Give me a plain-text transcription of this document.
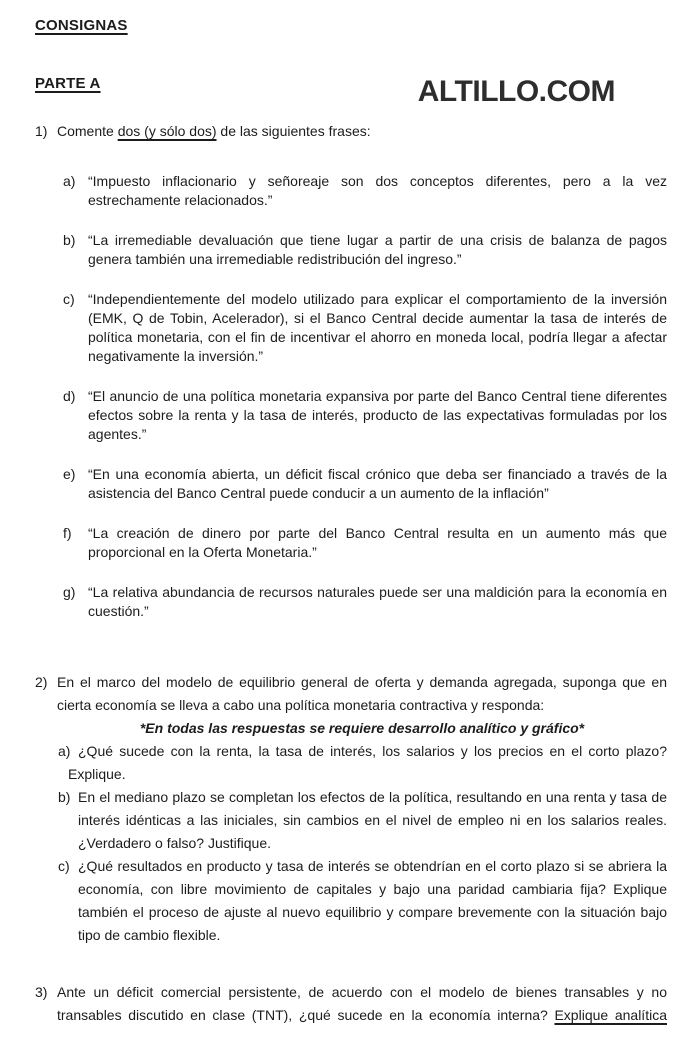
CONSIGNAS
PARTE A	ALTILLO.COM
1) Comente dos (y sólo dos) de las siguientes frases:
a) “Impuesto inflacionario y señoreaje son dos conceptos diferentes, pero a la vez estrechamente relacionados.”
b) “La irremediable devaluación que tiene lugar a partir de una crisis de balanza de pagos genera también una irremediable redistribución del ingreso.”
c) “Independientemente del modelo utilizado para explicar el comportamiento de la inversión (EMK, Q de Tobin, Acelerador), si el Banco Central decide aumentar la tasa de interés de política monetaria, con el fin de incentivar el ahorro en moneda local, podría llegar a afectar negativamente la inversión.”
d) “El anuncio de una política monetaria expansiva por parte del Banco Central tiene diferentes efectos sobre la renta y la tasa de interés, producto de las expectativas formuladas por los agentes.”
e) “En una economía abierta, un déficit fiscal crónico que deba ser financiado a través de la asistencia del Banco Central puede conducir a un aumento de la inflación”
f)	“La creación de dinero por parte del Banco Central resulta en un aumento más que proporcional en la Oferta Monetaria.”
g) “La relativa abundancia de recursos naturales puede ser una maldición para la economía en cuestión.”
2) En el marco del modelo de equilibrio general de oferta y demanda agregada, suponga que en cierta economía se lleva a cabo una política monetaria contractiva y responda:
*En todas las respuestas se requiere desarrollo analítico y gráfico*
a) ¿Qué sucede con la renta, la tasa de interés, los salarios y los precios en el corto plazo?
Explique.
b) En el mediano plazo se completan los efectos de la política, resultando en una renta y tasa de interés idénticas a las iniciales, sin cambios en el nivel de empleo ni en los salarios reales. ¿Verdadero o falso? Justifique.
c) ¿Qué resultados en producto y tasa de interés se obtendrían en el corto plazo si se abriera la economía, con libre movimiento de capitales y bajo una paridad cambiaria fija? Explique también el proceso de ajuste al nuevo equilibrio y compare brevemente con la situación bajo tipo de cambio flexible.
3) Ante un déficit comercial persistente, de acuerdo con el modelo de bienes transables y no transables discutido en clase (TNT), ¿qué sucede en la economía interna? Explique analítica
